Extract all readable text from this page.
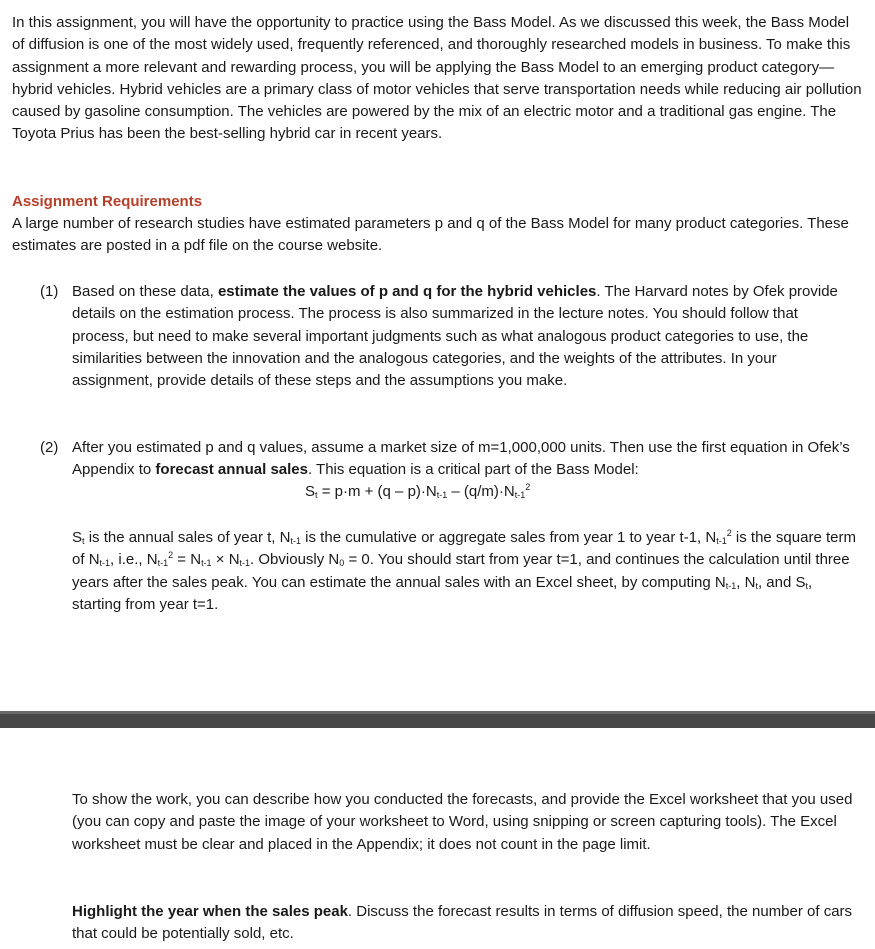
In this assignment, you will have the opportunity to practice using the Bass Model. As we discussed this week, the Bass Model of diffusion is one of the most widely used, frequently referenced, and thoroughly researched models in business. To make this assignment a more relevant and rewarding process, you will be applying the Bass Model to an emerging product category—hybrid vehicles. Hybrid vehicles are a primary class of motor vehicles that serve transportation needs while reducing air pollution caused by gasoline consumption. The vehicles are powered by the mix of an electric motor and a traditional gas engine. The Toyota Prius has been the best-selling hybrid car in recent years.

Assignment Requirements

A large number of research studies have estimated parameters p and q of the Bass Model for many product categories. These estimates are posted in a pdf file on the course website.

(1) Based on these data, estimate the values of p and q for the hybrid vehicles. The Harvard notes by Ofek provide details on the estimation process. The process is also summarized in the lecture notes. You should follow that process, but need to make several important judgments such as what analogous product categories to use, the similarities between the innovation and the analogous categories, and the weights of the attributes. In your assignment, provide details of these steps and the assumptions you make.
(2) After you estimated p and q values, assume a market size of m=1,000,000 units. Then use the first equation in Ofek’s Appendix to forecast annual sales. This equation is a critical part of the Bass Model:
$S_t = p\cdot m + (q - p)\cdot N_{t-1} - (q/m)\cdot N_{t-1}^2$

$S_t$ is the annual sales of year t, $N_{t-1}$ is the cumulative or aggregate sales from year 1 to year t-1, $N_{t-1}^2$ is the square term of $N_{t-1}$, i.e., $N_{t-1}^2 = N_{t-1} \times N_{t-1}$. Obviously $N_0 = 0$. You should start from year t=1, and continues the calculation until three years after the sales peak. You can estimate the annual sales with an Excel sheet, by computing $N_{t-1}$, $N_t$, and $S_t$, starting from year t=1.

To show the work, you can describe how you conducted the forecasts, and provide the Excel worksheet that you used (you can copy and paste the image of your worksheet to Word, using snipping or screen capturing tools). The Excel worksheet must be clear and placed in the Appendix; it does not count in the page limit.

Highlight the year when the sales peak. Discuss the forecast results in terms of diffusion speed, the number of cars that could be potentially sold, etc.
